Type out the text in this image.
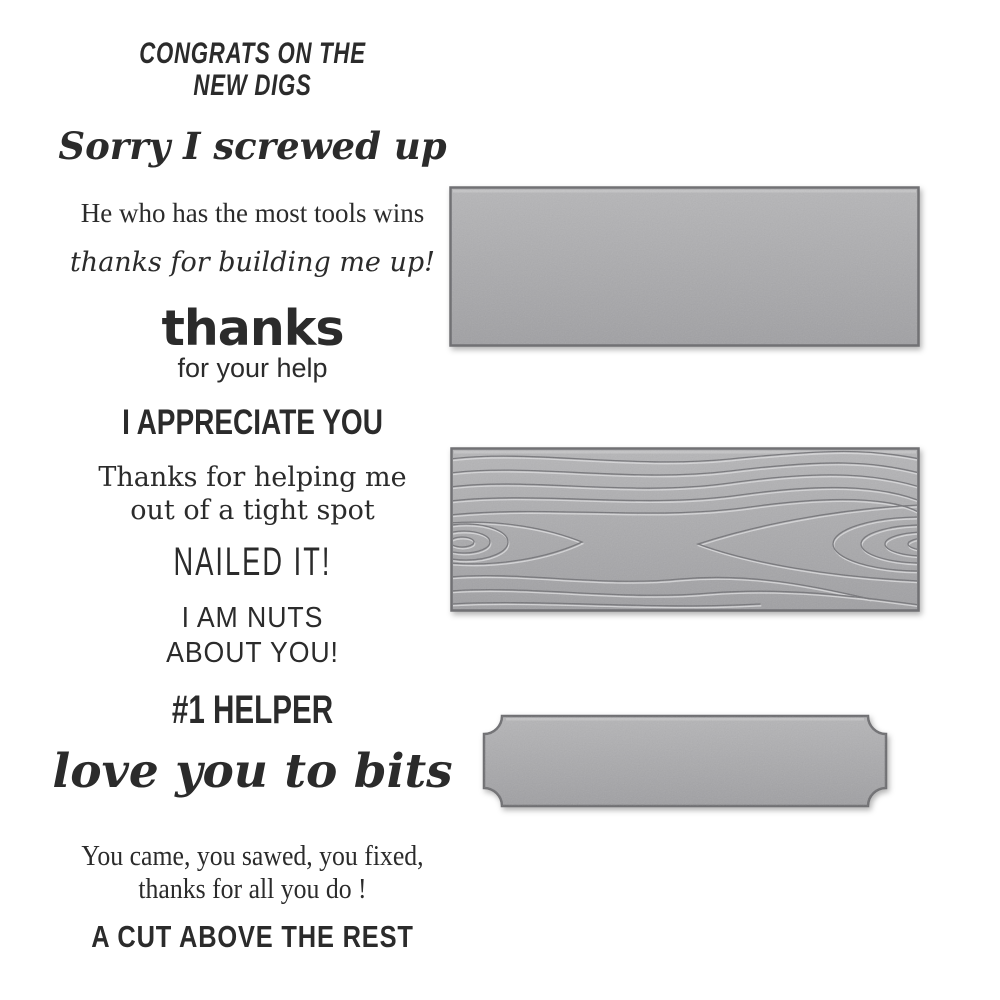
CONGRATS ON THE
NEW DIGS
Sorry I screwed up
He who has the most tools wins
thanks for building me up!
thanks
for your help
I APPRECIATE YOU
Thanks for helping me
out of a tight spot
NAILED IT!
I AM NUTS
ABOUT YOU!
#1 HELPER
love you to bits
You came, you sawed, you fixed,
thanks for all you do !
A CUT ABOVE THE REST
